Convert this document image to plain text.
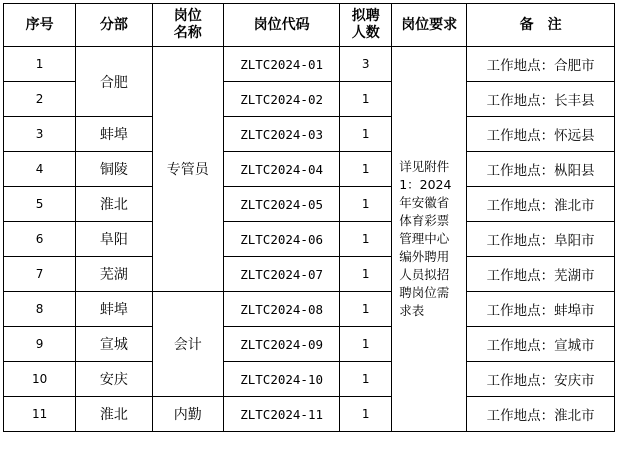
序号	分部	岗位名称	岗位代码	拟聘人数	岗位要求	备　注
1	合肥	专管员	ZLTC2024-01	3	详见附件1：2024年安徽省体育彩票管理中心编外聘用人员拟招聘岗位需求表	工作地点：合肥市
2			ZLTC2024-02	1		工作地点：长丰县
3	蚌埠		ZLTC2024-03	1		工作地点：怀远县
4	铜陵		ZLTC2024-04	1		工作地点：枞阳县
5	淮北		ZLTC2024-05	1		工作地点：淮北市
6	阜阳		ZLTC2024-06	1		工作地点：阜阳市
7	芜湖		ZLTC2024-07	1		工作地点：芜湖市
8	蚌埠	会计	ZLTC2024-08	1		工作地点：蚌埠市
9	宣城		ZLTC2024-09	1		工作地点：宣城市
10	安庆		ZLTC2024-10	1		工作地点：安庆市
11	淮北	内勤	ZLTC2024-11	1		工作地点：淮北市
